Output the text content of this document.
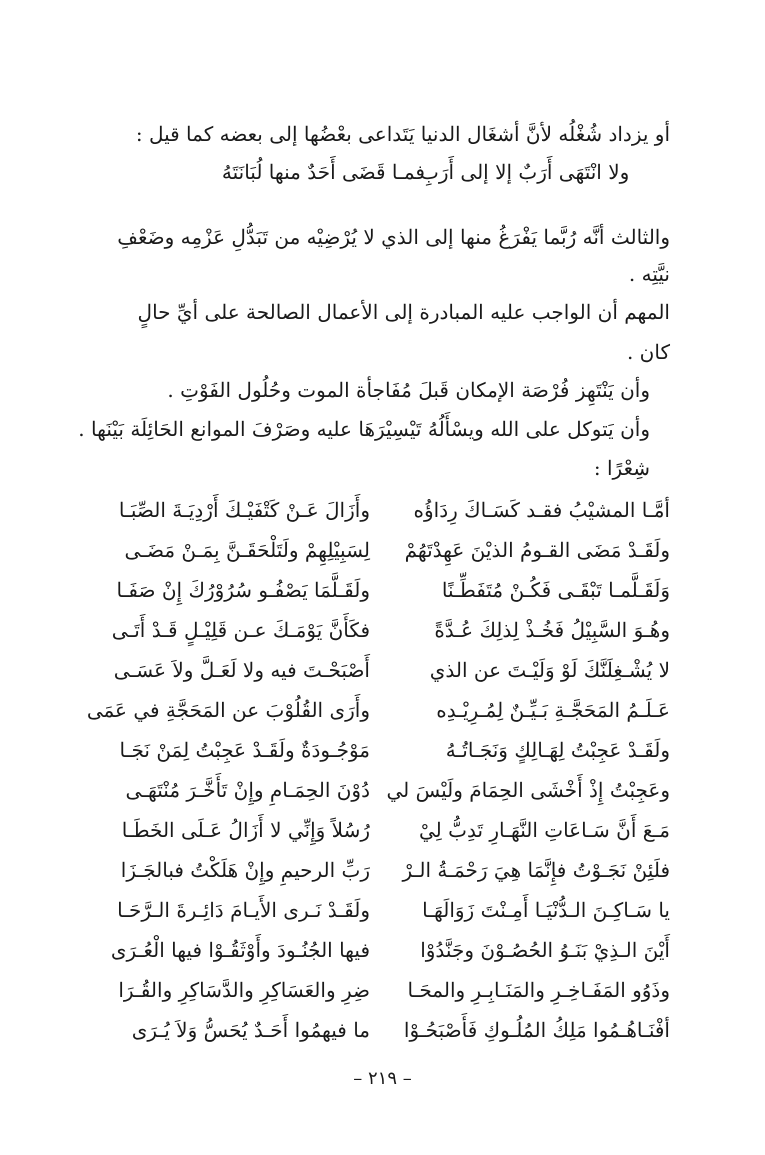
أو يزداد شُغْلُه لأنَّ أشغَال الدنيا يَتَداعى بعْضُها إلى بعضه كما قيل :
فمـا قَضَى أَحَدٌ منها لُبَانَتَهُ
ولا انْتَهَى أَرَبٌ إلا إلى أَرَبِ
والثالث أنَّه رُبَّما يَفْرَغُ منها إلى الذي لا يُرْضِيْه من تَبَدُّلِ عَزْمِه وضَعْفِ
نيَّتِه .
المهم أن الواجب عليه المبادرة إلى الأعمال الصالحة على أيِّ حالٍ
كان .
وأن يَنْتَهِز فُرْصَة الإمكان قَبلَ مُفَاجأة الموت وحُلُول الفَوْتِ .
وأن يَتوكل على الله ويسْأَلُهُ تَيْسِيْرَهَا عليه وصَرْفَ الموانع الحَائِلَة بَيْنَها .
شِعْرًا :
أمَّـا المشيْبُ فقـد كَسَـاكَ رِدَاؤُه
وأَزَالَ عَـنْ كَتْفَيْـكَ أَرْدِيَـةَ الصِّبَـا
ولَقَـدْ مَضَى القـومُ الذيْنَ عَهِدْتَهُمْ
لِسَبِيْلِهِمْ ولَتَلْحَقَـنَّ بِمَـنْ مَضَـى
وَلَقَـلَّمـا تَبْقَـى فَكُـنْ مُتَفَطِّـنًا
ولَقَـلَّمَا يَصْفُـو سُرُوْرُكَ إِنْ صَفَـا
وهُـوَ السَّبِيْلُ فَخُـذْ لِذلِكَ عُـدَّةً
فكَأَنَّ يَوْمَـكَ عـن قَلِيْـلٍ قَـدْ أَتَـى
لا يُشْـغِلَنَّكَ لَوْ وَلَيْـتَ عن الذي
أَصْبَحْـتَ فيه ولا لَعَـلَّ ولاَ عَسَـى
عَـلَـمُ المَحَجَّـةِ بَـيِّـنٌ لِمُـرِيْـدِه
وأَرَى القُلُوْبَ عن المَحَجَّةِ في عَمَى
ولَقَـدْ عَجِبْتُ لِهَـالِكٍ وَنَجَـاتُـهُ
مَوْجُـودَةٌ ولَقَـدْ عَجِبْتُ لِمَنْ نَجَـا
وعَجِبْتُ إِذْ أَخْشَى الحِمَامَ ولَيْسَ لي
دُوْنَ الحِمَـامِ وإِنْ تَأَخَّـرَ مُنْتَهَـى
مَـعَ أَنَّ سَـاعَاتِ النَّهَـارِ تَدِبُّ لِيْ
رُسُلاً وَإِنِّي لا أَزَالُ عَـلَى الخَطَـا
فلَئِنْ نَجَـوْتُ فإِنَّمَا هِيَ رَحْمَـةُ الـرْ
رَبِّ الرحيمِ وإِنْ هَلَكْتُ فبالجَـزَا
يا سَـاكِـنَ الـدُّنْيَـا أَمِـنْتَ زَوَالَهَـا
ولَقَـدْ نَـرى الأَيـامَ دَائِـرةَ الـرَّحَـا
أَيْنَ الـذِيْ بَنَـوُ الحُصُـوْنَ وجَنَّدُوْا
فيها الجُنُـودَ وأَوْثَقُـوْا فيها الْعُـرَى
وذَوُو المَفَـاخِـرِ والمَنَـابِـرِ والمحَـا
ضِرِ والعَسَاكِرِ والدَّسَاكِرِ والقُـرَا
أفْنَـاهُـمُوا مَلِكُ المُلُـوكِ فَأَصْبَحُـوْا
ما فيهمُوا أَحَـدٌ يُحَسُّ وَلاَ يُـرَى
– ٢١٩ –
